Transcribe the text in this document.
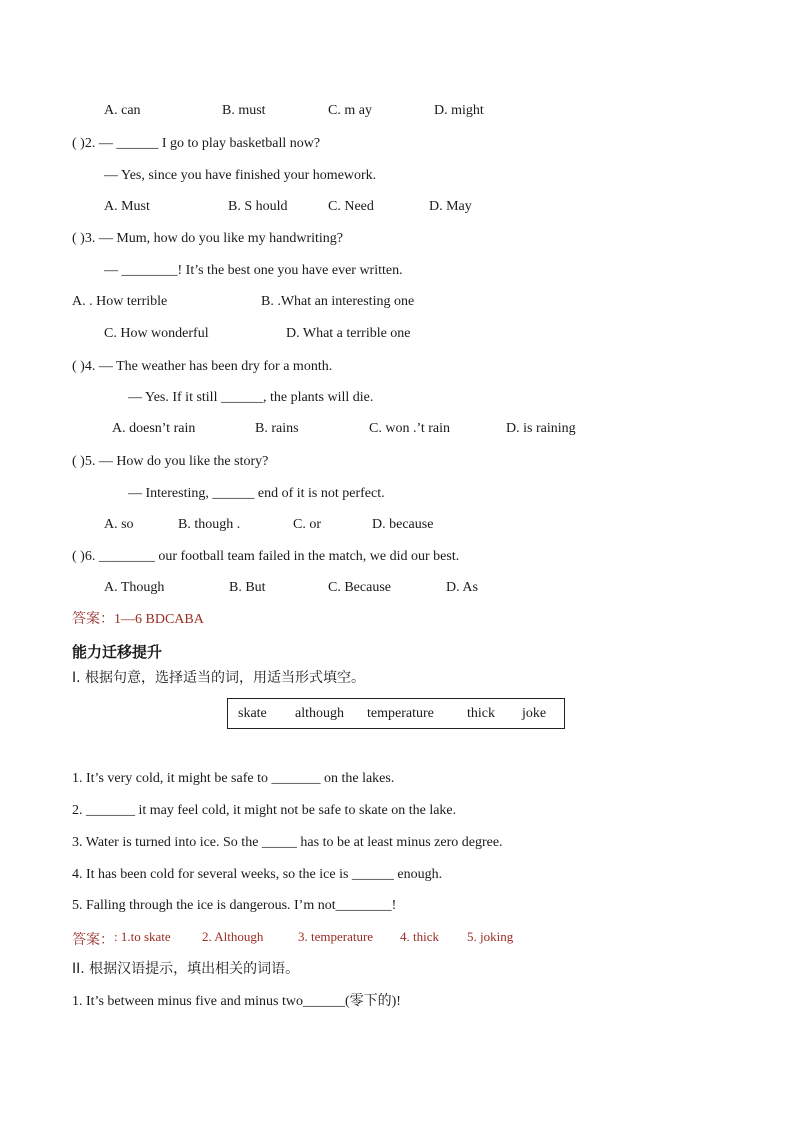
A. can	B. must	C. m ay	D. might
( )2. — ______ I go to play basketball now?
— Yes, since you have finished your homework.
A. Must	B. S hould	C. Need	D. May
( )3. — Mum, how do you like my handwriting?
— ________! It’s the best one you have ever written.
A. . How terrible	B. .What an interesting one
C. How wonderful	D. What a terrible one
( )4. — The weather has been dry for a month.
— Yes. If it still ______, the plants will die.
A. doesn’t rain	B. rains	C. won .’t rain	D. is raining
( )5. — How do you like the story?
— Interesting, ______ end of it is not perfect.
A. so	B. though .	C. or	D. because
( )6. ________ our football team failed in the match, we did our best.
A. Though	B. But	C. Because	D. As
答案：1—6 BDCABA
能力迁移提升
I. 根据句意，选择适当的词，用适当形式填空。
skate although temperature thick joke
1. It’s very cold, it might be safe to _______ on the lakes.
2. _______ it may feel cold, it might not be safe to skate on the lake.
3. Water is turned into ice. So the _____ has to be at least minus zero degree.
4. It has been cold for several weeks, so the ice is ______ enough.
5. Falling through the ice is dangerous. I’m not________!
答案： : 1.to skate 2. Although	3. temperature 4. thick 5. joking
II. 根据汉语提示，填出相关的词语。
1. It’s between minus five and minus two______(零下的)!
